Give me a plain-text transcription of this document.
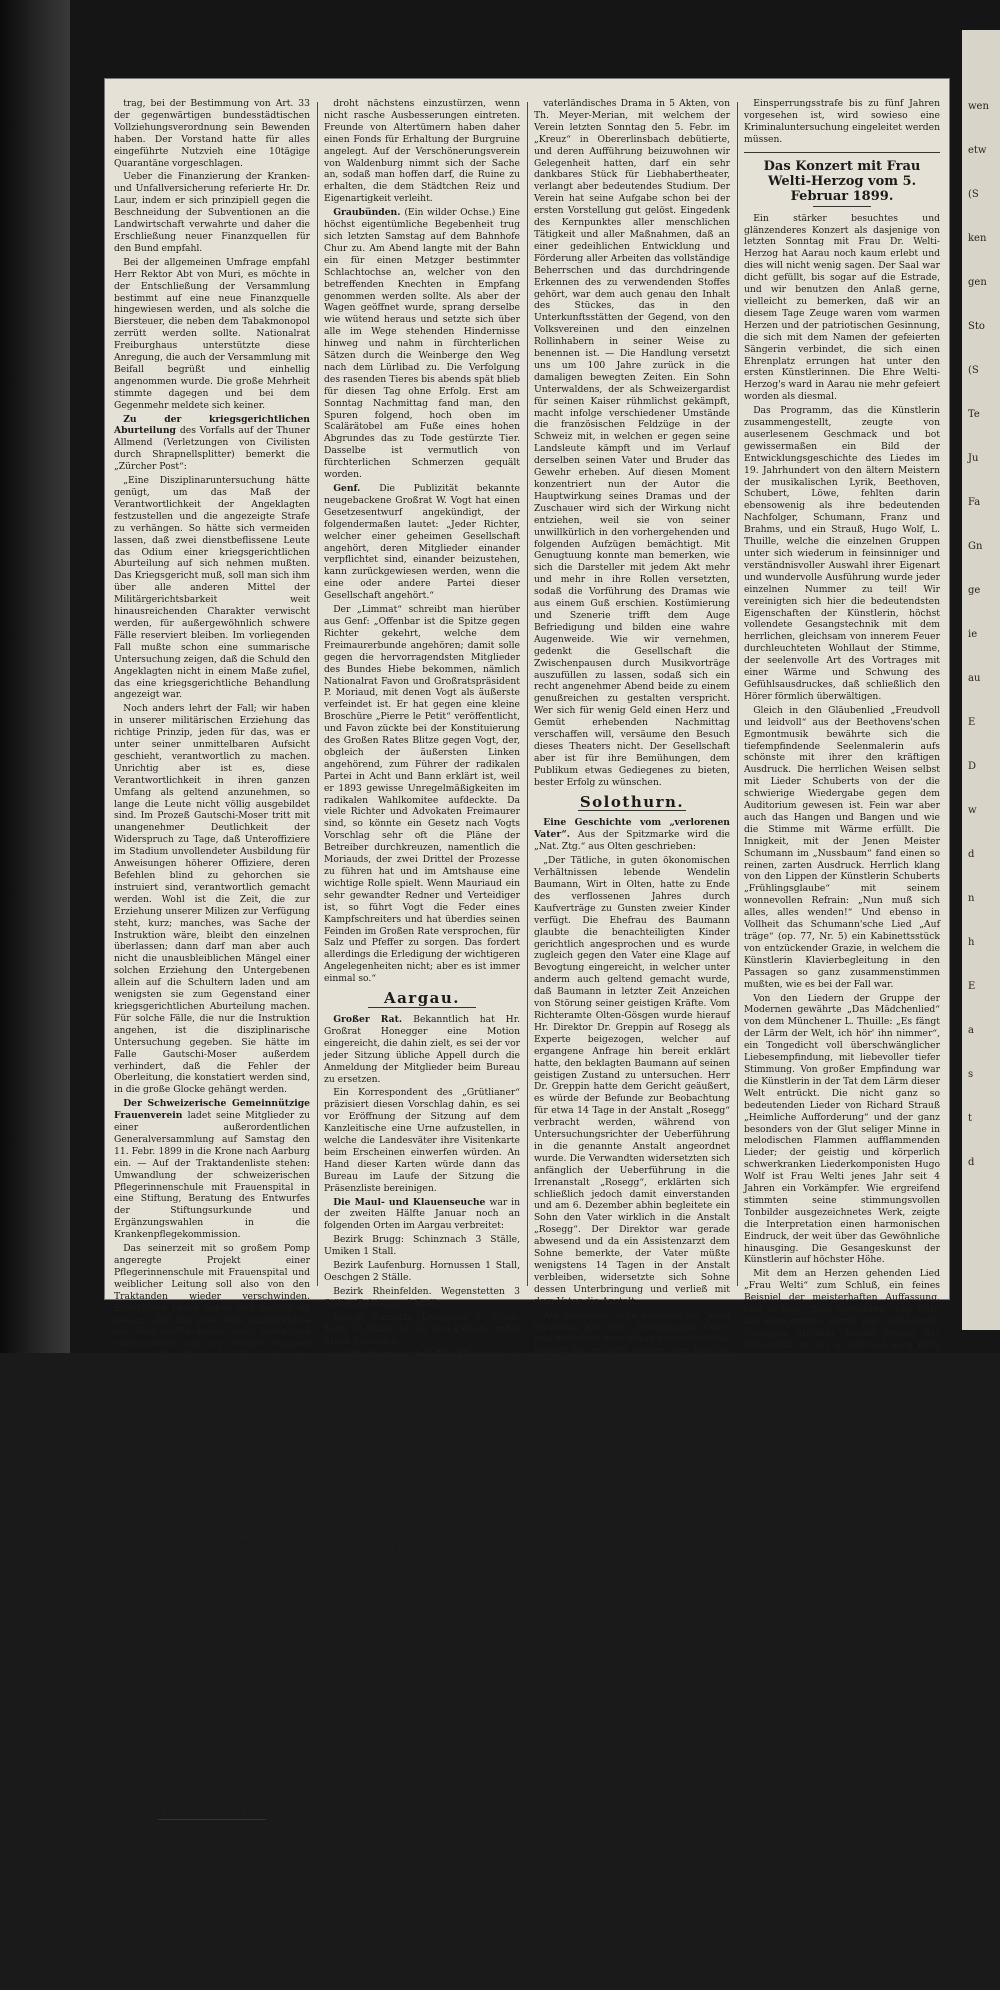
trag, bei der Bestimmung von Art. 33 der gegenwärtigen bundesstädtischen Vollziehungsverordnung sein Bewenden haben. Der Vorstand hatte für alles eingeführte Nutzvieh eine 10tägige Quarantäne vorgeschlagen.

Ueber die Finanzierung der Kranken- und Unfallversicherung referierte Hr. Dr. Laur, indem er sich prinzipiell gegen die Beschneidung der Subventionen an die Landwirtschaft verwahrte und daher die Erschließung neuer Finanzquellen für den Bund empfahl.

Bei der allgemeinen Umfrage empfahl Herr Rektor Abt von Muri, es möchte in der Entschließung der Versammlung bestimmt auf eine neue Finanzquelle hingewiesen werden, und als solche die Biersteuer, die neben dem Tabakmonopol zerrütt werden sollte. Nationalrat Freiburghaus unterstützte diese Anregung, die auch der Versammlung mit Beifall begrüßt und einhellig angenommen wurde. Die große Mehrheit stimmte dagegen und bei dem Gegenmehr meldete sich keiner.

Zu der kriegsgerichtlichen Aburteilung des Vorfalls auf der Thuner Allmend (Verletzungen von Civilisten durch Shrapnellsplitter) bemerkt die „Zürcher Post“:

„Eine Disziplinaruntersuchung hätte genügt, um das Maß der Verantwortlichkeit der Angeklagten festzustellen und die angezeigte Strafe zu verhängen. So hätte sich vermeiden lassen, daß zwei dienstbeflissene Leute das Odium einer kriegsgerichtlichen Aburteilung auf sich nehmen mußten. Das Kriegsgericht muß, soll man sich ihm über alle anderen Mittel der Militärgerichtsbarkeit weit hinausreichenden Charakter verwischt werden, für außergewöhnlich schwere Fälle reserviert bleiben. Im vorliegenden Fall mußte schon eine summarische Untersuchung zeigen, daß die Schuld den Angeklagten nicht in einem Maße zufiel, das eine kriegsgerichtliche Behandlung angezeigt war.

Noch anders lehrt der Fall; wir haben in unserer militärischen Erziehung das richtige Prinzip, jeden für das, was er unter seiner unmittelbaren Aufsicht geschieht, verantwortlich zu machen. Unrichtig aber ist es, diese Verantwortlichkeit in ihren ganzen Umfang als geltend anzunehmen, so lange die Leute nicht völlig ausgebildet sind. Im Prozeß Gautschi-Moser tritt mit unangenehmer Deutlichkeit der Widerspruch zu Tage, daß Unteroffiziere im Stadium unvollendeter Ausbildung für Anweisungen höherer Offiziere, deren Befehlen blind zu gehorchen sie instruiert sind, verantwortlich gemacht werden. Wohl ist die Zeit, die zur Erziehung unserer Milizen zur Verfügung steht, kurz; manches, was Sache der Instruktion wäre, bleibt den einzelnen überlassen; dann darf man aber auch nicht die unausbleiblichen Mängel einer solchen Erziehung den Untergebenen allein auf die Schultern laden und am wenigsten sie zum Gegenstand einer kriegsgerichtlichen Aburteilung machen. Für solche Fälle, die nur die Instruktion angehen, ist die disziplinarische Untersuchung gegeben. Sie hätte im Falle Gautschi-Moser außerdem verhindert, daß die Fehler der Oberleitung, die konstatiert werden sind, in die große Glocke gehängt werden.

Der Schweizerische Gemeinnützige Frauenverein ladet seine Mitglieder zu einer außerordentlichen Generalversammlung auf Samstag den 11. Febr. 1899 in die Krone nach Aarburg ein. — Auf der Traktandenliste stehen: Umwandlung der schweizerischen Pflegerinnenschule mit Frauenspital in eine Stiftung, Beratung des Entwurfes der Stiftungsurkunde und Ergänzungswahlen in die Krankenpflegekommission.

Das seinerzeit mit so großem Pomp angeregte Projekt einer Pflegerinnenschule mit Frauenspital und weiblicher Leitung soll also von den Traktanden wieder verschwinden. Einsichtige Leute haben von Anfang an gesagt, daß die Idee eine unglückliche sei. Man wollte darauf nicht hören und veranstaltete noch vor wenigen Wochen einen großen Bazar in Zürich für das Unternehmen. Jetzt endlich geht die bessere Einsicht Bahn.

Eidgenössische Bauten. Wie der „Thurg. Zeitung“ aus der Bundesstadt geschrieben wird, hat der Bundesrat jetzt die Notwendigkeit in Aussicht genommen, daß sofort nach Fertigstellung des Parlamentsgebäudes die Abtragung des Bernerhofes, voraussichtlich auf den Herbst der nun neuen Bundesratshaus durch Beseitigung der dort unansehnlichen Bauten freiwerdenden Platze, zu erstellen sein wird.

Ein schweizer. Handelsgärtner-Verband hat sich letzthin gebildet. Diesem Verbande haben sich bereits viele Handelsgärtner angeschlossen, deren Zweck ist: die gemeinsamen Interessen zu wahren, insbesondere einheitlichen Lohntarif festzusetzen und einen Unterstützungsfonds für die Gärtner zu gründen, Erleichterungen im Transportwesen, die Einfuhr der Gärtnerischen Produkte, auf Zolltarif u. zu erzielen. Am nächsten Sonntag findet die zweite Hauptversammlung in Zürich statt.

Der Versuch, Posamentstühle mit elektrischer Kraft zu betreiben, der für diese Tage von dem Elektrizitätswerk Alioth & Cie. in Münchenstein angestellt wurde, ist sehr gut ausgefallen. Man berechnet, daß für den Betrieb von vier Posamentstühlen eine Pferdekraft vollständig genügen dürfte.

Aus den Kantonen.

Baselland. Die Burgruinen Baselland's gehen rasch ihrem Zerfall entgegen. Namentlich ist dies bei den Ruinen Farnsburg und Waldenburg der Fall. Der Turm der Waldenburgruine

droht nächstens einzustürzen, wenn nicht rasche Ausbesserungen eintreten. Freunde von Altertümern haben daher einen Fonds für Erhaltung der Burgruine angelegt. Auf der Verschönerungsverein von Waldenburg nimmt sich der Sache an, sodaß man hoffen darf, die Ruine zu erhalten, die dem Städtchen Reiz und Eigenartigkeit verleiht.

Graubünden. (Ein wilder Ochse.) Eine höchst eigentümliche Begebenheit trug sich letzten Samstag auf dem Bahnhofe Chur zu. Am Abend langte mit der Bahn ein für einen Metzger bestimmter Schlachtochse an, welcher von den betreffenden Knechten in Empfang genommen werden sollte. Als aber der Wagen geöffnet wurde, sprang derselbe wie wütend heraus und setzte sich über alle im Wege stehenden Hindernisse hinweg und nahm in fürchterlichen Sätzen durch die Weinberge den Weg nach dem Lürlibad zu. Die Verfolgung des rasenden Tieres bis abends spät blieb für diesen Tag ohne Erfolg. Erst am Sonntag Nachmittag fand man, den Spuren folgend, hoch oben im Scalärätobel am Fuße eines hohen Abgrundes das zu Tode gestürzte Tier. Dasselbe ist vermutlich von fürchterlichen Schmerzen gequält worden.

Genf. Die Publizität bekannte neugebackene Großrat W. Vogt hat einen Gesetzesentwurf angekündigt, der folgendermaßen lautet: „Jeder Richter, welcher einer geheimen Gesellschaft angehört, deren Mitglieder einander verpflichtet sind, einander beizustehen, kann zurückgewiesen werden, wenn die eine oder andere Partei dieser Gesellschaft angehört.“

Der „Limmat“ schreibt man hierüber aus Genf: „Offenbar ist die Spitze gegen Richter gekehrt, welche dem Freimaurerbunde angehören; damit solle gegen die hervorragendsten Mitglieder des Bundes Hiebe bekommen, nämlich Nationalrat Favon und Großratspräsident P. Moriaud, mit denen Vogt als äußerste verfeindet ist. Er hat gegen eine kleine Broschüre „Pierre le Petit“ veröffentlicht, und Favon zückte bei der Konstituierung des Großen Rates Blitze gegen Vogt, der, obgleich der äußersten Linken angehörend, zum Führer der radikalen Partei in Acht und Bann erklärt ist, weil er 1893 gewisse Unregelmäßigkeiten im radikalen Wahlkomitee aufdeckte. Da viele Richter und Advokaten Freimaurer sind, so könnte ein Gesetz nach Vogts Vorschlag sehr oft die Pläne der Betreiber durchkreuzen, namentlich die Moriauds, der zwei Drittel der Prozesse zu führen hat und im Amtshause eine wichtige Rolle spielt. Wenn Mauriaud ein sehr gewandter Redner und Verteidiger ist, so führt Vogt die Feder eines Kampfschreiters und hat überdies seinen Feinden im Großen Rate versprochen, für Salz und Pfeffer zu sorgen. Das fordert allerdings die Erledigung der wichtigeren Angelegenheiten nicht; aber es ist immer einmal so.“

Aargau.

Großer Rat. Bekanntlich hat Hr. Großrat Honegger eine Motion eingereicht, die dahin zielt, es sei der vor jeder Sitzung übliche Appell durch die Anmeldung der Mitglieder beim Bureau zu ersetzen.

Ein Korrespondent des „Grütlianer“ präzisiert diesen Vorschlag dahin, es sei vor Eröffnung der Sitzung auf dem Kanzleitische eine Urne aufzustellen, in welche die Landesväter ihre Visitenkarte beim Erscheinen einwerfen würden. An Hand dieser Karten würde dann das Bureau im Laufe der Sitzung die Präsenzliste bereinigen.

Die Maul- und Klauenseuche war in der zweiten Hälfte Januar noch an folgenden Orten im Aargau verbreitet:

Bezirk Brugg: Schinznach 3 Ställe, Umiken 1 Stall.

Bezirk Laufenburg. Hornussen 1 Stall, Oeschgen 2 Ställe.

Bezirk Rheinfelden. Wegenstetten 3 Ställe, Zeiningen 1 Stall.

Bezirk Zurzach. Leuggern 2 Ställe. Total 13 Ställe mit 61 Stück Groß- und 9 Stück Kleinvieh.

† Alt Staatsweibel Bächli ist am 5. Februar in seinem 90. Lebensjahre nach langem Unwohlsein im ehrwürdigen Alter von 80 Jahren gestorben. Als langjähriger Polizeiwachtmeister, sowie als Staatsweibel bürgte der Verstorbene in weitesten Kreisen des Kantons bekannt. Seinen festen Charakter, seine treue stramme soldatische Haltung bewahrte er bis in den Tod. Er hinterläßt drei erwachsene Söhne.

Eine Kneipp'sche Wasserheilanstalt soll im Laufe des Frühjahrs in dem idyllisch gelegenen Bellikon am Fuße des Heitersberg errichtet werden.

Spar- und Kreditkasse Suhrenthal in Schöftland. Gewinn- und Verlustrechnung pro 1898 in Verwaltungssitzung vom 2. Februar behandelt: Gesamtumsatz 19½ Millionen. Reine Betriebsumstände Fr. 23,966. 26. Anträge zur Verteilung: Dividende wie bisher 6 Prozent, in Spezialreserve 3000 Fr., in eine Reserve für Eisenbahnbeteiligung 3000 Fr., für Vergabungen 900 Fr., Tantieme an Vorstand und Angestellte Fr. 3600. — Vortrag auf neue Rechnung Fr. 3843. 60. Aktienkapital Fr. 200,000; statutarische Reserven Fr. 77,200 oder 38,6 Prozent.

Oberrlinsbach. (Korr.) Dem Beispiele verschiedener Gesellschaften seiner Umgebung folgend, hat sich auch der Männerchor Obererlinsbach (Solothurn) mit einem Theaterstück an die Oeffentlichkeit gewagt. „Die Mühle von Stansstad“,

vaterländisches Drama in 5 Akten, von Th. Meyer-Merian, mit welchem der Verein letzten Sonntag den 5. Febr. im „Kreuz“ in Obererlinsbach debütierte, und deren Aufführung beizuwohnen wir Gelegenheit hatten, darf ein sehr dankbares Stück für Liebhabertheater, verlangt aber bedeutendes Studium. Der Verein hat seine Aufgabe schon bei der ersten Vorstellung gut gelöst. Eingedenk des Kernpunktes aller menschlichen Tätigkeit und aller Maßnahmen, daß an einer gedeihlichen Entwicklung und Förderung aller Arbeiten das vollständige Beherrschen und das durchdringende Erkennen des zu verwendenden Stoffes gehört, war dem auch genau den Inhalt des Stückes, das in den Unterkunftsstätten der Gegend, von den Volksvereinen und den einzelnen Rollinhabern in seiner Weise zu benennen ist. — Die Handlung versetzt uns um 100 Jahre zurück in die damaligen bewegten Zeiten. Ein Sohn Unterwaldens, der als Schweizergardist für seinen Kaiser rühmlichst gekämpft, macht infolge verschiedener Umstände die französischen Feldzüge in der Schweiz mit, in welchen er gegen seine Landsleute kämpft und im Verlauf derselben seinen Vater und Bruder das Gewehr erheben. Auf diesen Moment konzentriert nun der Autor die Hauptwirkung seines Dramas und der Zuschauer wird sich der Wirkung nicht entziehen, weil sie von seiner unwillkürlich in den vorhergehenden und folgenden Aufzügen bemächtigt. Mit Genugtuung konnte man bemerken, wie sich die Darsteller mit jedem Akt mehr und mehr in ihre Rollen versetzten, sodaß die Vorführung des Dramas wie aus einem Guß erschien. Kostümierung und Szenerie trifft dem Auge Befriedigung und bilden eine wahre Augenweide. Wie wir vernehmen, gedenkt die Gesellschaft die Zwischenpausen durch Musikvorträge auszufüllen zu lassen, sodaß sich ein recht angenehmer Abend beide zu einem genußreichen zu gestalten verspricht. Wer sich für wenig Geld einen Herz und Gemüt erhebenden Nachmittag verschaffen will, versäume den Besuch dieses Theaters nicht. Der Gesellschaft aber ist für ihre Bemühungen, dem Publikum etwas Gediegenes zu bieten, bester Erfolg zu wünschen.

Solothurn.

Eine Geschichte vom „verlorenen Vater“. Aus der Spitzmarke wird die „Nat. Ztg.“ aus Olten geschrieben:

„Der Tätliche, in guten ökonomischen Verhältnissen lebende Wendelin Baumann, Wirt in Olten, hatte zu Ende des verflossenen Jahres durch Kaufverträge zu Gunsten zweier Kinder verfügt. Die Ehefrau des Baumann glaubte die benachteiligten Kinder gerichtlich angesprochen und es wurde zugleich gegen den Vater eine Klage auf Bevogtung eingereicht, in welcher unter anderm auch geltend gemacht wurde, daß Baumann in letzter Zeit Anzeichen von Störung seiner geistigen Kräfte. Vom Richteramte Olten-Gösgen wurde hierauf Hr. Direktor Dr. Greppin auf Rosegg als Experte beigezogen, welcher auf ergangene Anfrage hin bereit erklärt hatte, den beklagten Baumann auf seinen geistigen Zustand zu untersuchen. Herr Dr. Greppin hatte dem Gericht geäußert, es würde der Befunde zur Beobachtung für etwa 14 Tage in der Anstalt „Rosegg“ verbracht werden, während von Untersuchungsrichter der Ueberführung in die genannte Anstalt angeordnet wurde. Die Verwandten widersetzten sich anfänglich der Ueberführung in die Irrenanstalt „Rosegg“, erklärten sich schließlich jedoch damit einverstanden und am 6. Dezember abhin begleitete ein Sohn den Vater wirklich in die Anstalt „Rosegg“. Der Direktor war gerade abwesend und da ein Assistenzarzt dem Sohne bemerkte, der Vater müßte wenigstens 14 Tagen in der Anstalt verbleiben, widersetzte sich Sohne dessen Unterbringung und verließ mit dem Vater die Anstalt.

Am folgenden Tage erschien der Sohn Baumann auf dem Polizeiposten Olten und erstattete eine etwas verwunderliche Bericht ab, er hätte gestern den Vater in der Stadt Solothurn verloren. Nach seiner Darstellung will er denselben in einem Gasthof der Vorstadt zurückgelassen und sich selber, um ein Geschäft in der Stadt besorgt haben; wie er sich später den Vater wiedersehen habe, sei dieser aus dem Gasthof verschwunden gewesen. Er hätte sodann auf der Polizei in Solothurn Anzeige gemacht und sich selber, um ein Geschäft begleitet einen Korporals nach dem Vater gesucht, allein vergebens. Nach telephonischer Anfrage hin bei der Polizei in Solothurn wurde auch bestätigt, daß die in letztere Angabe als richtig ist. Es wurde sodann eine Ausschreibung in „Allgem. Schweiz. Polizeianzeiger“ und Vorladung im „Amtsblatt“, allein Vater Baumann blieb verschollen. — Da man allgemein die Vermutung hegte und die Leute, daß der Sohn den Vater irgendwo versteckt halten könnte, so ist der Regierungsrat Koch ein in solchem Falle verbrechen, daß der Sohn Baumann nach dem Vater gesucht habe. Da dessen Baumann nach Solothurn verbracht worden, wo er in einer Pension untergebracht sei; nun nach der Untersuchung gegen ihn der Verdacht eines Verbrechens gegen die persönliche Freiheit, den Versuch, seinen Vater der geistigen Zustand zu entziehen, wurde und ging Anzeige zu. Sohne wurde keine Untersuchung einzuleiten, ob die geistige Zustand zu entziehen, wurde und gegen den Beklagten ein Kontumazarrest in Solothurn.

Gestern wurde nun die Leiche des Wendolin Baumann in der Aare bei Wangen a. A. gelandet und von dem sofort herbeigerufenen gerichtlichen Leichenschau nach Olten verbracht. Damit wird nun dem Publikum allerlei gemunkelt und es wäre nur zu wünschen, daß in dieser Angelegenheit durch die Staatsanwaltschaft von Solothurn-Lebern mit der Angelegenheit in erster Linie geht dahin, dann wird auch die Frage zu untersuchen sein, ob sich nicht im Sinne von § 115 des Solothurnischen Strafgesetzbuches strafbar gemacht habe durch Todesfall zu ihm stehen, der welchem Fall eine

Einsperrungsstrafe bis zu fünf Jahren vorgesehen ist, wird sowieso eine Kriminaluntersuchung eingeleitet werden müssen.

Das Konzert mit Frau Welti-Herzog vom 5. Februar 1899.

Ein stärker besuchtes und glänzenderes Konzert als dasjenige von letzten Sonntag mit Frau Dr. Welti-Herzog hat Aarau noch kaum erlebt und dies will nicht wenig sagen. Der Saal war dicht gefüllt, bis sogar auf die Estrade, und wir benutzen den Anlaß gerne, vielleicht zu bemerken, daß wir an diesem Tage Zeuge waren vom warmen Herzen und der patriotischen Gesinnung, die sich mit dem Namen der gefeierten Sängerin verbindet, die sich einen Ehrenplatz errungen hat unter den ersten Künstlerinnen. Die Ehre Welti-Herzog's ward in Aarau nie mehr gefeiert worden als diesmal.

Das Programm, das die Künstlerin zusammengestellt, zeugte von auserlesenem Geschmack und bot gewissermaßen ein Bild der Entwicklungsgeschichte des Liedes im 19. Jahrhundert von den ältern Meistern der musikalischen Lyrik, Beethoven, Schubert, Löwe, fehlten darin ebensowenig als ihre bedeutenden Nachfolger, Schumann, Franz und Brahms, und ein Strauß, Hugo Wolf, L. Thuille, welche die einzelnen Gruppen unter sich wiederum in feinsinniger und verständnisvoller Auswahl ihrer Eigenart und wundervolle Ausführung wurde jeder einzelnen Nummer zu teil! Wir vereinigten sich hier die bedeutendsten Eigenschaften der Künstlerin, höchst vollendete Gesangstechnik mit dem herrlichen, gleichsam von innerem Feuer durchleuchteten Wohllaut der Stimme, der seelenvolle Art des Vortrages mit einer Wärme und Schwung des Gefühlsausdruckes, daß schließlich den Hörer förmlich überwältigen.

Gleich in den Gläubenlied „Freudvoll und leidvoll“ aus der Beethovens'schen Egmontmusik bewährte sich die tiefempfindende Seelenmalerin aufs schönste mit ihrer den kräftigen Ausdruck. Die herrlichen Weisen selbst mit Lieder Schuberts von der die schwierige Wiedergabe gegen dem Auditorium gewesen ist. Fein war aber auch das Hangen und Bangen und wie die Stimme mit Wärme erfüllt. Die Innigkeit, mit der Jenen Meister Schumann im „Nussbaum“ fand einen so reinen, zarten Ausdruck. Herrlich klang von den Lippen der Künstlerin Schuberts „Frühlingsglaube“ mit seinem wonnevollen Refrain: „Nun muß sich alles, alles wenden!“ Und ebenso in Vollheit das Schumann'sche Lied „Auf träge“ (op. 77, Nr. 5) ein Kabinettsstück von entzückender Grazie, in welchem die Künstlerin Klavierbegleitung in den Passagen so ganz zusammenstimmen mußten, wie es bei der Fall war.

Von den Liedern der Gruppe der Modernen gewährte „Das Mädchenlied“ von dem Münchener L. Thuille: „Es fängt der Lärm der Welt, ich hör' ihn nimmer“, ein Tongedicht voll überschwänglicher Liebesempfindung, mit liebevoller tiefer Stimmung. Von großer Empfindung war die Künstlerin in der Tat dem Lärm dieser Welt entrückt. Die nicht ganz so bedeutenden Lieder von Richard Strauß „Heimliche Aufforderung“ und der ganz besonders von der Glut seliger Minne in melodischen Flammen aufflammenden Lieder; der geistig und körperlich schwerkranken Liederkomponisten Hugo Wolf ist Frau Welti jenes Jahr seit 4 Jahren ein Vorkämpfer. Wie ergreifend stimmten seine stimmungsvollen Tonbilder ausgezeichnetes Werk, zeigte die Interpretation einen harmonischen Eindruck, der weit über das Gewöhnliche hinausging. Die Gesangeskunst der Künstlerin auf höchster Höhe.

Mit dem an Herzen gehenden Lied „Frau Welti“ zum Schluß, ein feines Beispiel der meisterhaften Auffassung, und in dem „Zum Gewähren“ von Wolf, die schwierigste Partie mit vollendetem Gelingen. Größter Beifall wurde der Künstlerin zu teil, in welcher auch Herr Hegard „Schönsten Ort“ zur Geltung kam. Die Darbietung eines der Lieder von Anton Frey „Am Grabe“ war von einer Innigkeit erfüllt, wie wenig Hörer es erwarten mochten. Das Konzert brachte dann noch den frohen Abschluß mit „Erster Schnee“ in welchem Frau Frey Regli Strophe und den Meisterpoeten Gottfried Keller's feine Stimmung, ein Wunder an Eindringlichkeit.

Schließlich sei noch bemerkt, daß die Künstlerin mit ihrer Gestaltungsgabe einen wahren Triumph gefeiert hat. Frau Herzog ersang sich in diesem Konzert die Herzen aller Anwesenden, und wir wissen, daß sie in den Herzen der Aarauer immer einen bleibenden Platz einnehmen wird. Das Publikum aber wird mit Freuden den nächsten Besuch der Künstlerin erwarten und es vertrauensvoll begrüßen: die Gestaltungsvermögen der Künstlerin in den Göthe-Franz'schen Lied „Um Bergli bin i gsässe“, für dessen schalkhafte Naivetät die vornehme, gediegene Kunst des Komponisten sich gewiß ebenso

wen
etw
(S
ken
gen
Sto
(S
Te
Ju
Fa
Gn
ge
ie
au
E
D
w
d
n
h
E
a
s
t
d
